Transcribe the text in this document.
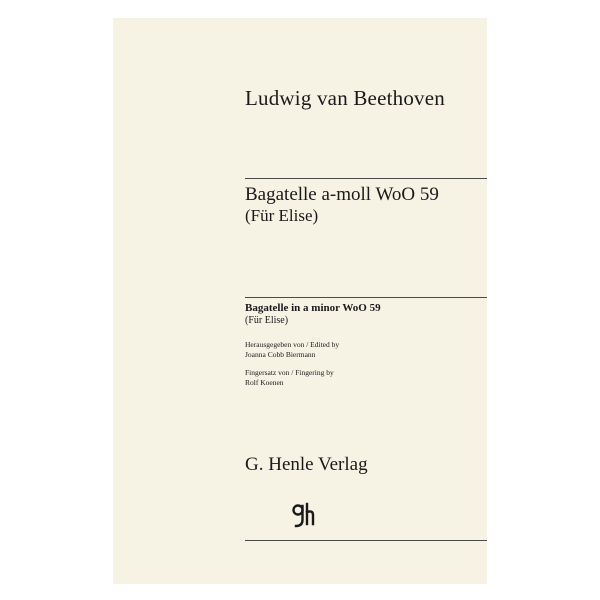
Ludwig van Beethoven
Bagatelle a-moll WoO 59
(Für Elise)
Bagatelle in a minor WoO 59
(Für Elise)
Herausgegeben von / Edited by
Joanna Cobb Biermann
Fingersatz von / Fingering by
Rolf Koenen
G. Henle Verlag
